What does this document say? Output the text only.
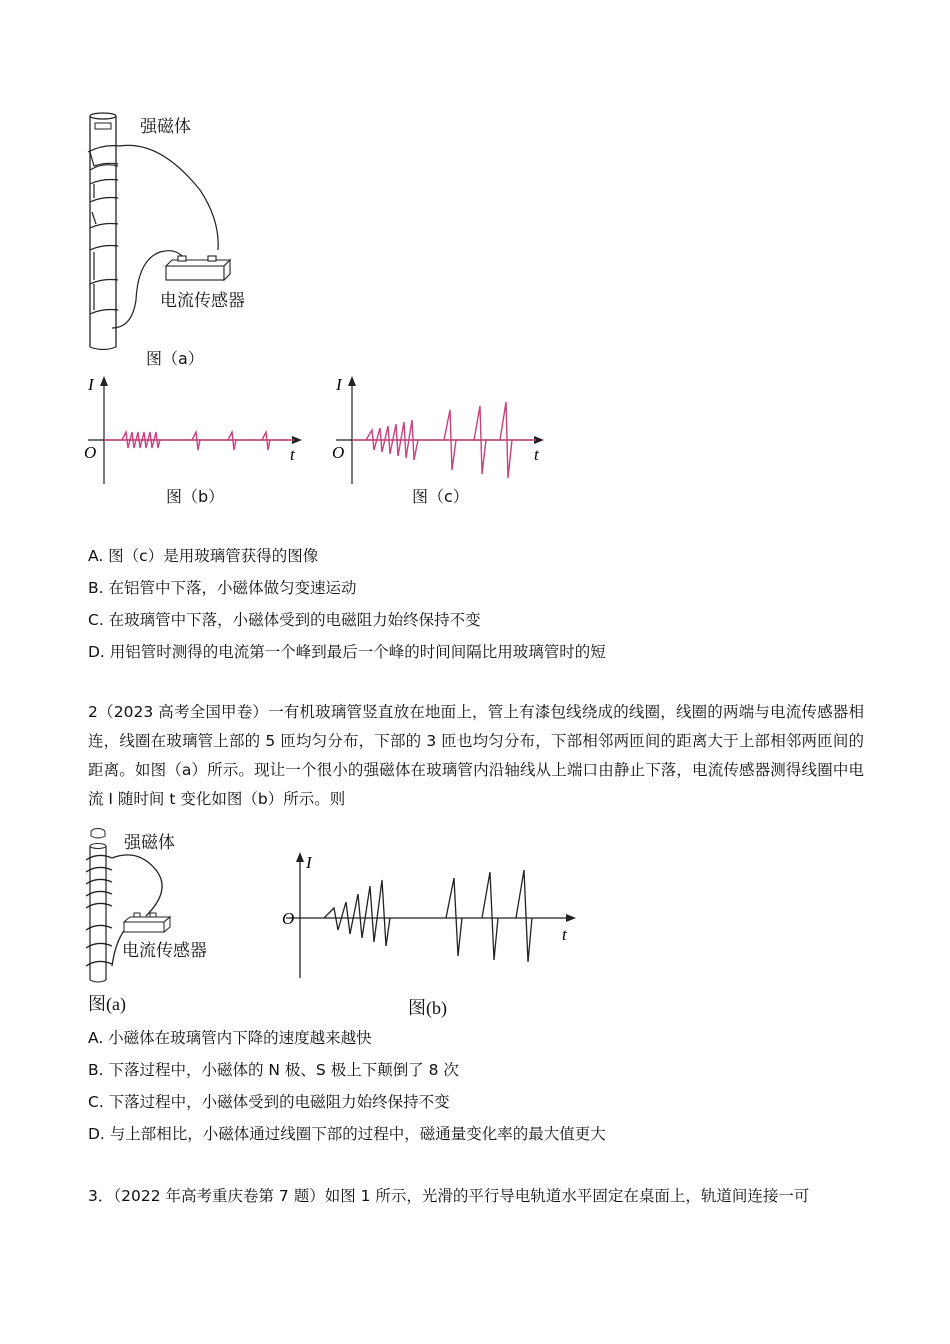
强磁体
电流传感器
图（a）
I
O	t
图（b）
I
O	t
图（c）
A. 图（c）是用玻璃管获得的图像
B. 在铝管中下落，小磁体做匀变速运动
C. 在玻璃管中下落，小磁体受到的电磁阻力始终保持不变
D. 用铝管时测得的电流第一个峰到最后一个峰的时间间隔比用玻璃管时的短
2（2023 高考全国甲卷）一有机玻璃管竖直放在地面上，管上有漆包线绕成的线圈，线圈的两端与电流传感器相连，线圈在玻璃管上部的 5 匝均匀分布，下部的 3 匝也均匀分布，下部相邻两匝间的距离大于上部相邻两匝间的距离。如图（a）所示。现让一个很小的强磁体在玻璃管内沿轴线从上端口由静止下落，电流传感器测得线圈中电流 I 随时间 t 变化如图（b）所示。则
强磁体
电流传感器
图(a)
I
O
t
图(b)
A. 小磁体在玻璃管内下降的速度越来越快
B. 下落过程中，小磁体的 N 极、S 极上下颠倒了 8 次
C. 下落过程中，小磁体受到的电磁阻力始终保持不变
D. 与上部相比，小磁体通过线圈下部的过程中，磁通量变化率的最大值更大
3．（2022 年高考重庆卷第 7 题）如图 1 所示，光滑的平行导电轨道水平固定在桌面上，轨道间连接一可
